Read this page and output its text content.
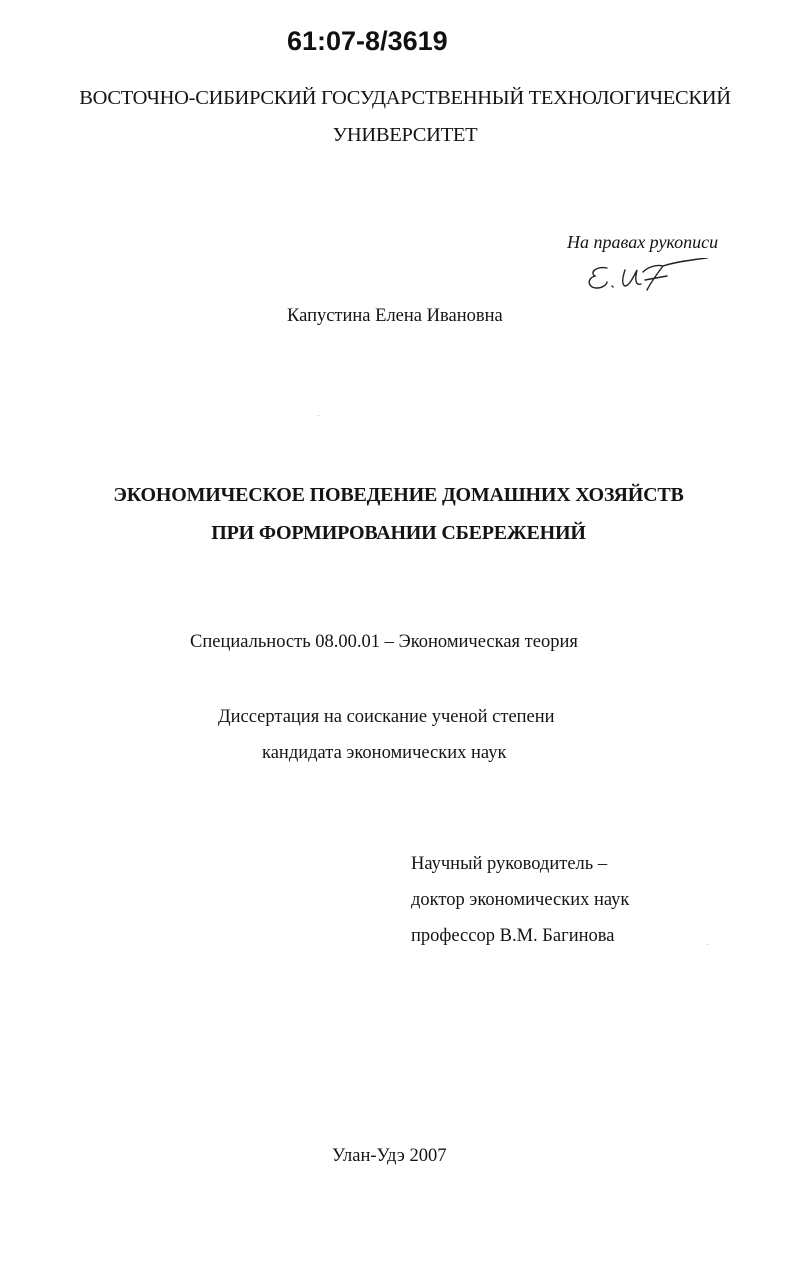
61:07-8/3619
ВОСТОЧНО-СИБИРСКИЙ ГОСУДАРСТВЕННЫЙ ТЕХНОЛОГИЧЕСКИЙ
УНИВЕРСИТЕТ
На правах рукописи
Капустина Елена Ивановна
ЭКОНОМИЧЕСКОЕ ПОВЕДЕНИЕ ДОМАШНИХ ХОЗЯЙСТВ
ПРИ ФОРМИРОВАНИИ СБЕРЕЖЕНИЙ
Специальность 08.00.01 – Экономическая теория
Диссертация на соискание ученой степени
кандидата экономических наук
Научный руководитель –
доктор экономических наук
профессор В.М. Багинова
Улан-Удэ 2007
